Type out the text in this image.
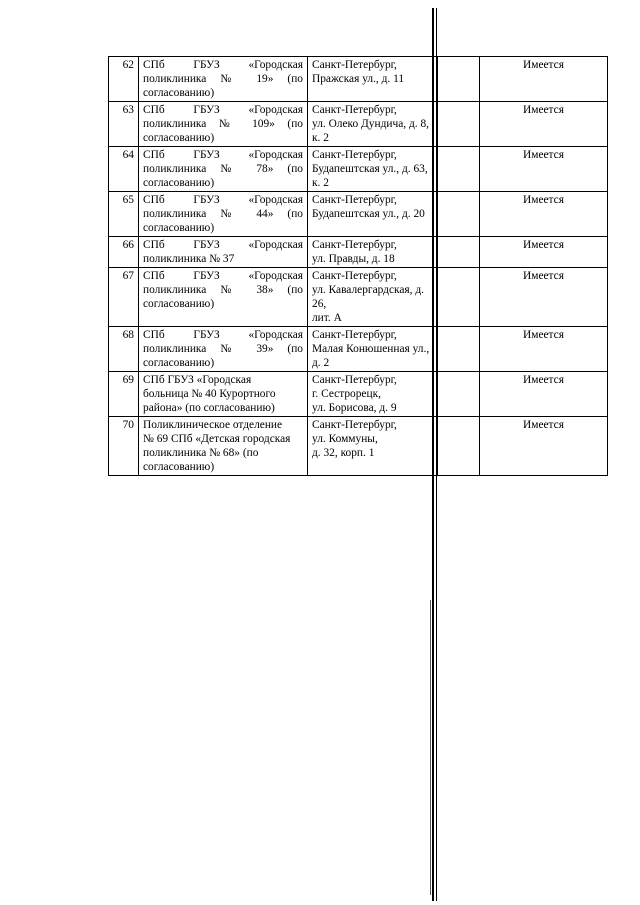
62	СПб ГБУЗ «Городская
поликлиника № 19» (по
согласованию)	Санкт-Петербург,
Пражская ул., д. 11		Имеется
63	СПб ГБУЗ «Городская
поликлиника № 109» (по
согласованию)	Санкт-Петербург,
ул. Олеко Дундича, д. 8, к. 2		Имеется
64	СПб ГБУЗ «Городская
поликлиника № 78» (по
согласованию)	Санкт-Петербург,
Будапештская ул., д. 63, к. 2		Имеется
65	СПб ГБУЗ «Городская
поликлиника № 44» (по
согласованию)	Санкт-Петербург,
Будапештская ул., д. 20		Имеется
66	СПб ГБУЗ «Городская
поликлиника № 37	Санкт-Петербург,
ул. Правды, д. 18		Имеется
67	СПб ГБУЗ «Городская
поликлиника № 38» (по
согласованию)	Санкт-Петербург,
ул. Кавалергардская, д. 26,
лит. А		Имеется
68	СПб ГБУЗ «Городская
поликлиника № 39» (по
согласованию)	Санкт-Петербург,
Малая Конюшенная ул., д. 2		Имеется
69	СПб ГБУЗ «Городская
больница № 40 Курортного
района» (по согласованию)	Санкт-Петербург,
г. Сестрорецк,
ул. Борисова, д. 9		Имеется
70	Поликлиническое отделение
№ 69 СПб «Детская городская
поликлиника № 68» (по
согласованию)	Санкт-Петербург,
ул. Коммуны,
д. 32, корп. 1		Имеется
